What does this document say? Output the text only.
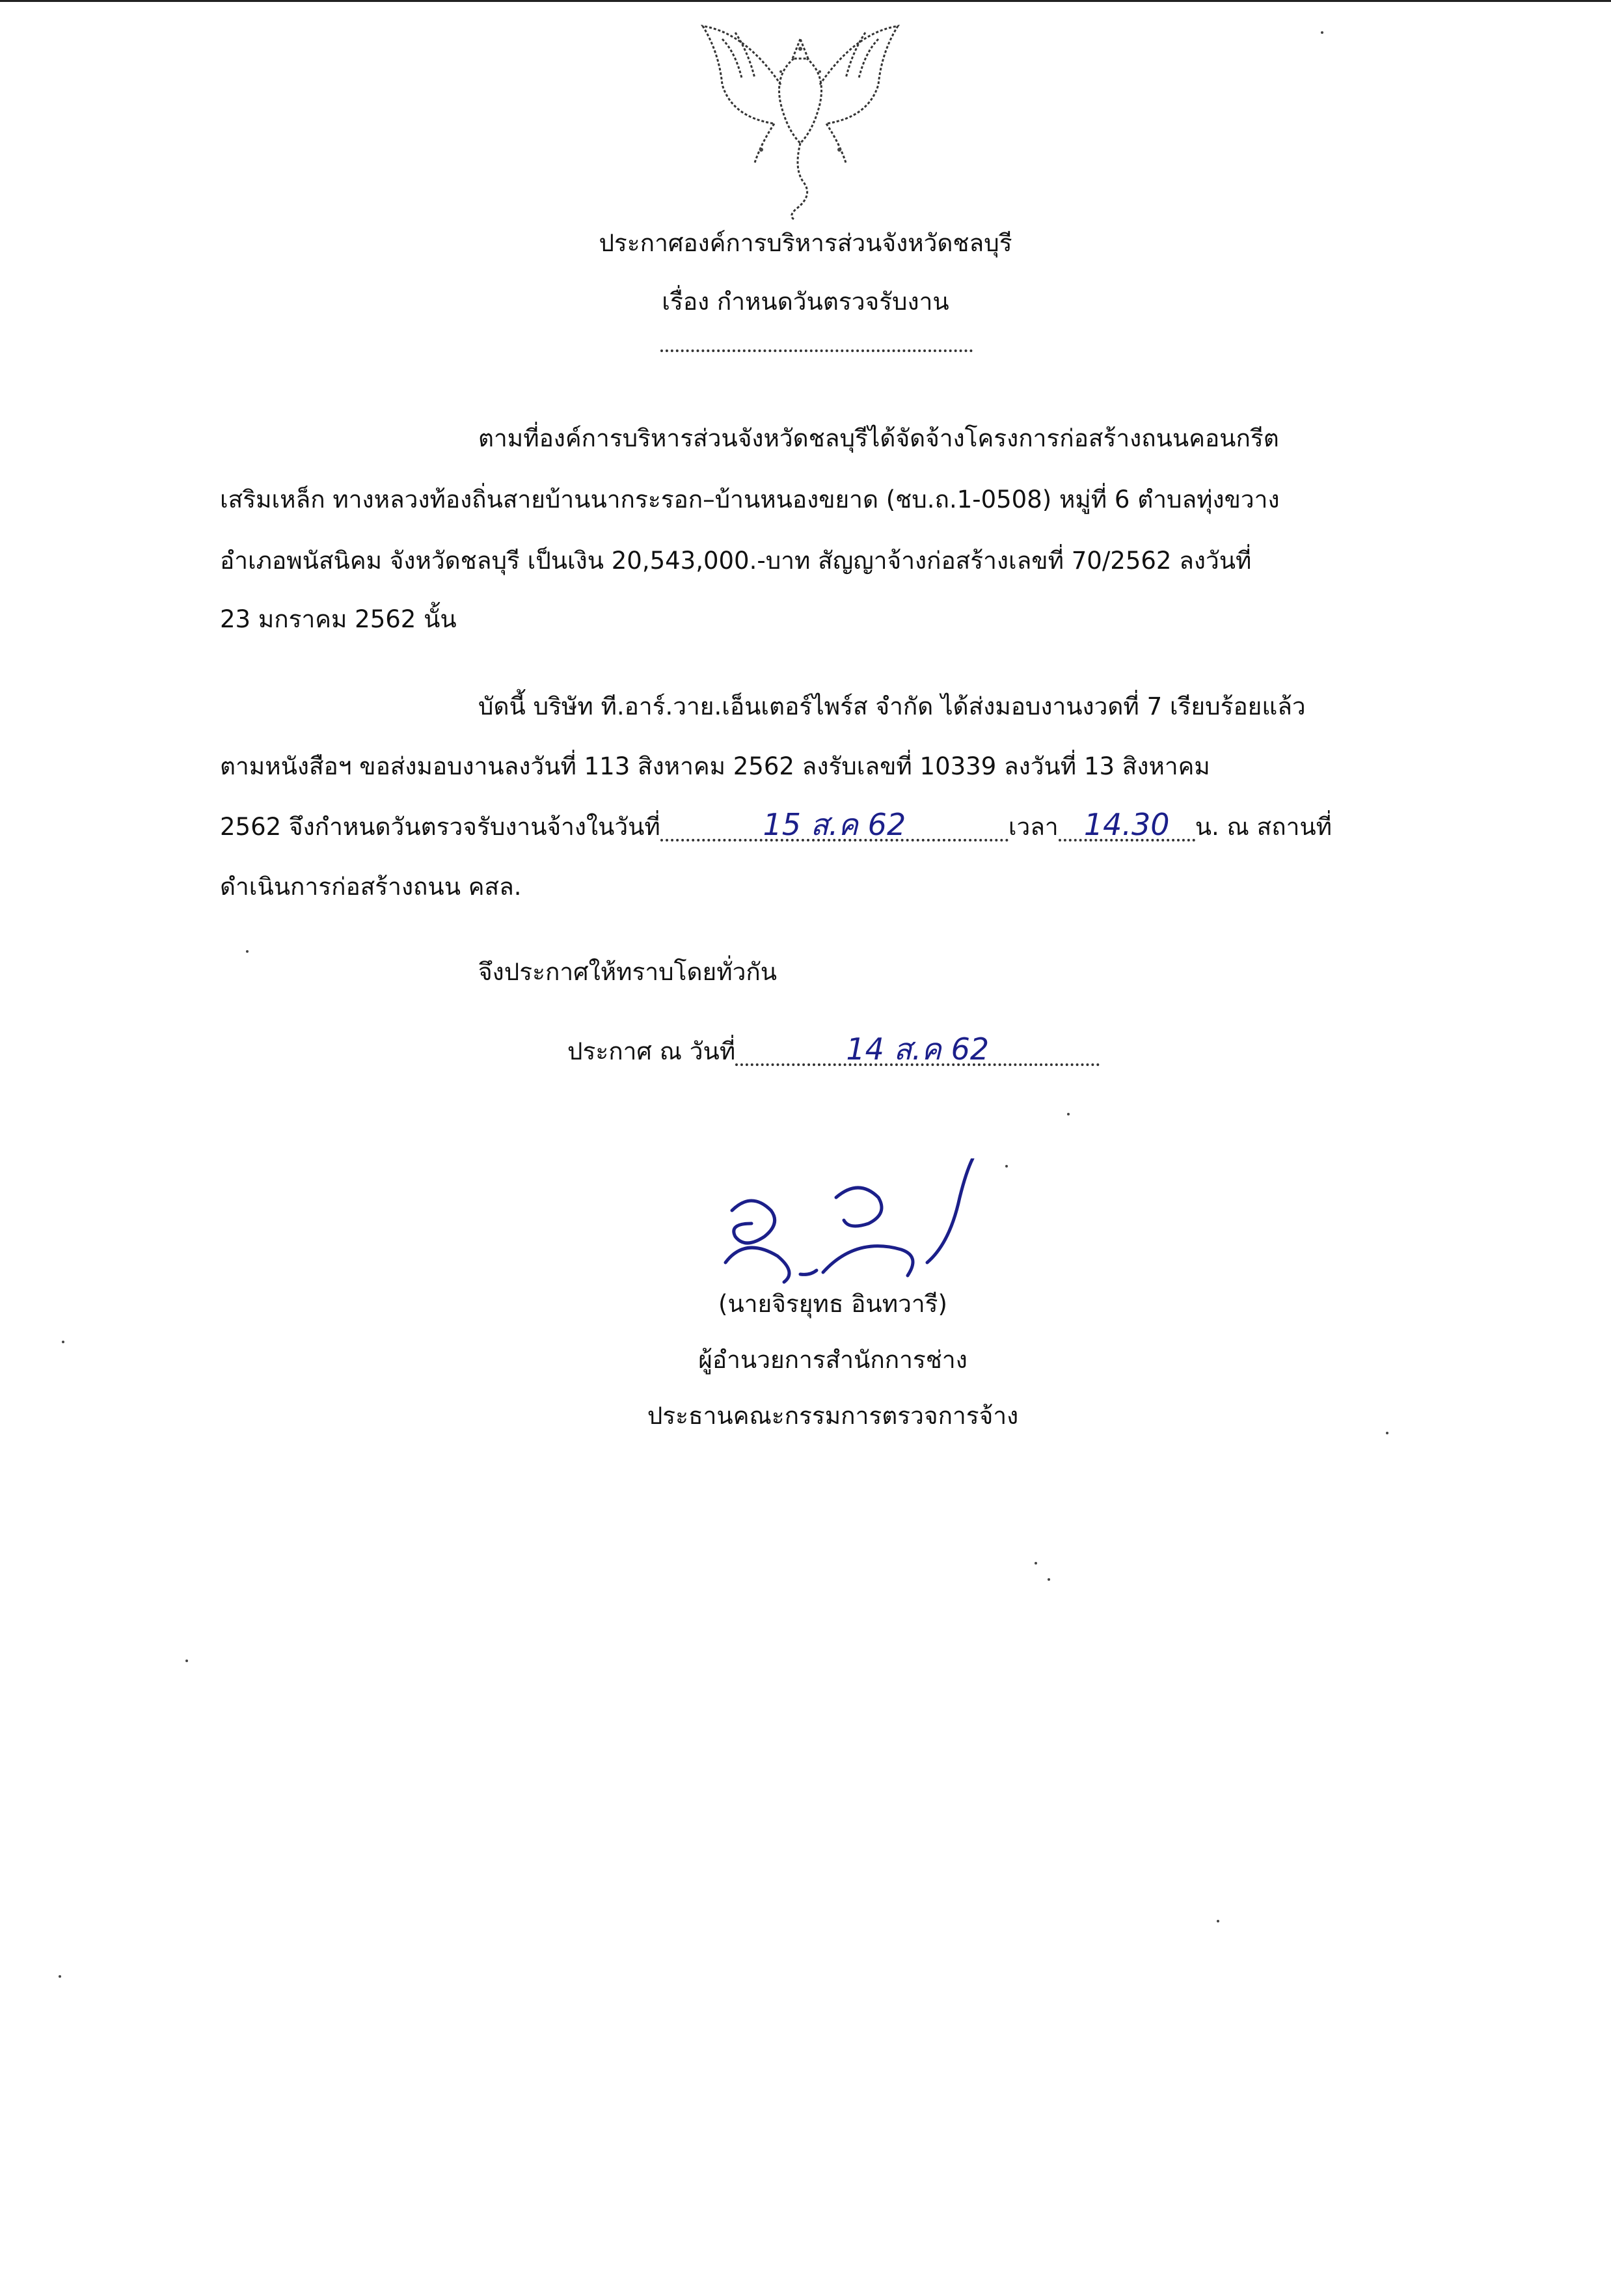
ประกาศองค์การบริหารส่วนจังหวัดชลบุรี
เรื่อง กำหนดวันตรวจรับงาน
ตามที่องค์การบริหารส่วนจังหวัดชลบุรีได้จัดจ้างโครงการก่อสร้างถนนคอนกรีต
เสริมเหล็ก ทางหลวงท้องถิ่นสายบ้านนากระรอก–บ้านหนองขยาด (ชบ.ถ.1-0508) หมู่ที่ 6 ตำบลทุ่งขวาง
อำเภอพนัสนิคม จังหวัดชลบุรี เป็นเงิน 20,543,000.-บาท สัญญาจ้างก่อสร้างเลขที่ 70/2562 ลงวันที่
23 มกราคม 2562 นั้น
บัดนี้ บริษัท ที.อาร์.วาย.เอ็นเตอร์ไพร์ส จำกัด ได้ส่งมอบงานงวดที่ 7 เรียบร้อยแล้ว
ตามหนังสือฯ ขอส่งมอบงานลงวันที่ 113 สิงหาคม 2562 ลงรับเลขที่ 10339 ลงวันที่ 13 สิงหาคม
2562 จึงกำหนดวันตรวจรับงานจ้างในวันที่	15 ส.ค 62	เวลา 14.30 น. ณ สถานที่
ดำเนินการก่อสร้างถนน คสล.
จึงประกาศให้ทราบโดยทั่วกัน
ประกาศ ณ วันที่	14 ส.ค 62
(นายจิรยุทธ อินทวารี)
ผู้อำนวยการสำนักการช่าง
ประธานคณะกรรมการตรวจการจ้าง
